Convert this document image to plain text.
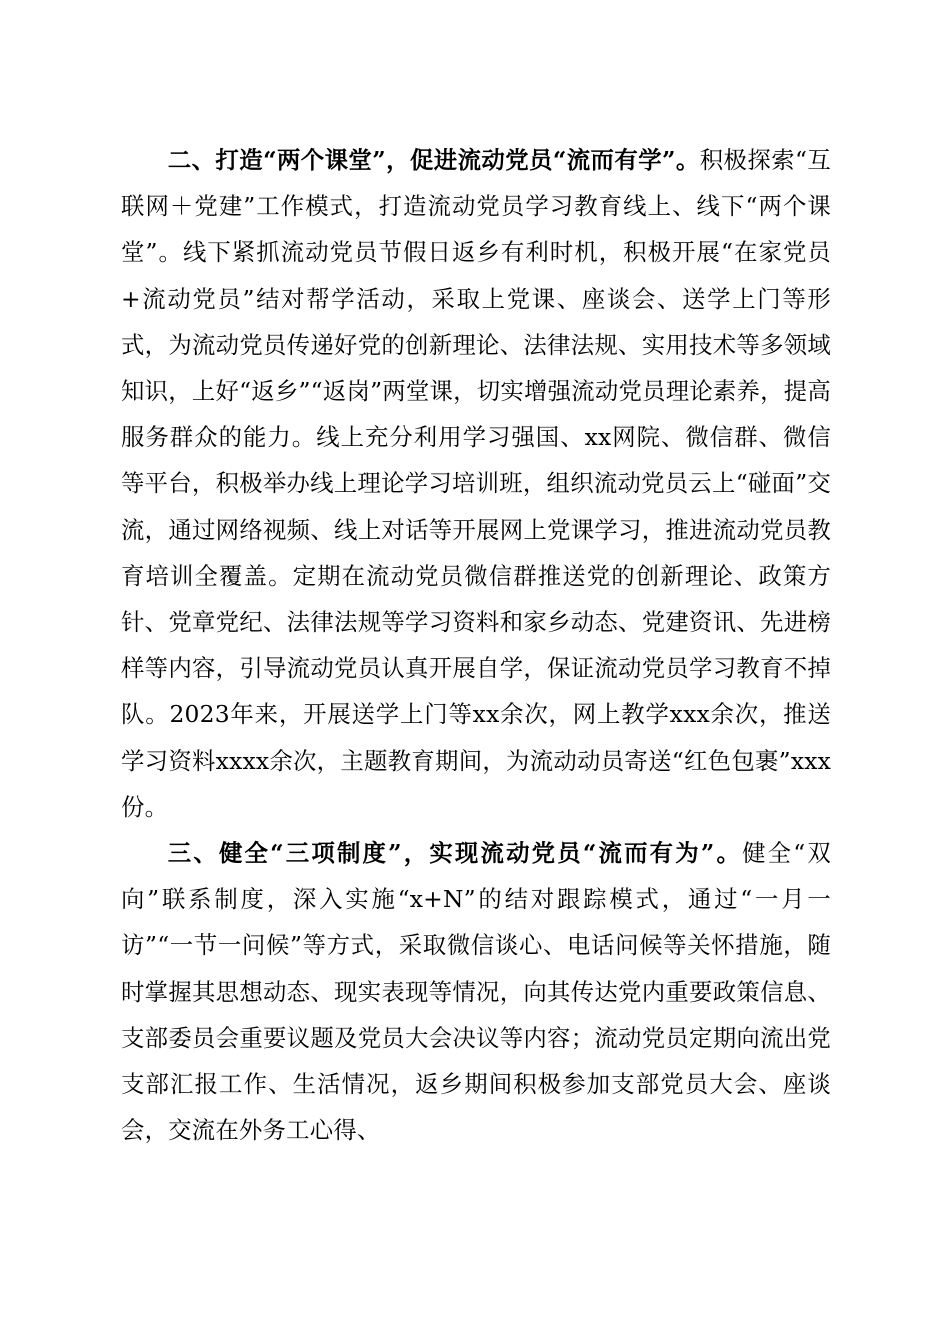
二、打造“两个课堂”，促进流动党员“流而有学”。积极探索“互联网＋党建”工作模式，打造流动党员学习教育线上、线下“两个课堂”。线下紧抓流动党员节假日返乡有利时机，积极开展“在家党员+流动党员”结对帮学活动，采取上党课、座谈会、送学上门等形式，为流动党员传递好党的创新理论、法律法规、实用技术等多领域知识，上好“返乡”“返岗”两堂课，切实增强流动党员理论素养，提高服务群众的能力。线上充分利用学习强国、xx网院、微信群、微信等平台，积极举办线上理论学习培训班，组织流动党员云上“碰面”交流，通过网络视频、线上对话等开展网上党课学习，推进流动党员教育培训全覆盖。定期在流动党员微信群推送党的创新理论、政策方针、党章党纪、法律法规等学习资料和家乡动态、党建资讯、先进榜样等内容，引导流动党员认真开展自学，保证流动党员学习教育不掉队。2023年来，开展送学上门等xx余次，网上教学xxx余次，推送学习资料xxxx余次，主题教育期间，为流动动员寄送“红色包裹”xxx份。

三、健全“三项制度”，实现流动党员“流而有为”。健全“双向”联系制度，深入实施“x+N”的结对跟踪模式，通过“一月一访”“一节一问候”等方式，采取微信谈心、电话问候等关怀措施，随时掌握其思想动态、现实表现等情况，向其传达党内重要政策信息、支部委员会重要议题及党员大会决议等内容；流动党员定期向流出党支部汇报工作、生活情况，返乡期间积极参加支部党员大会、座谈会，交流在外务工心得、
